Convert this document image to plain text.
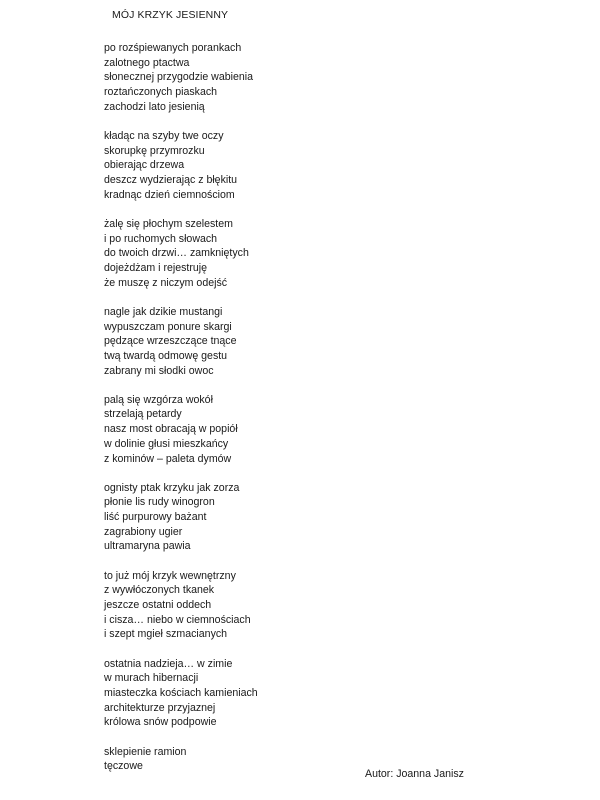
MÓJ KRZYK JESIENNY
po rozśpiewanych porankach
zalotnego ptactwa
słonecznej przygodzie wabienia
roztańczonych piaskach
zachodzi lato jesienią
kładąc na szyby twe oczy
skorupkę przymrozku
obierając drzewa
deszcz wydzierając z błękitu
kradnąc dzień ciemnościom
żalę się płochym szelestem
i po ruchomych słowach
do twoich drzwi… zamkniętych
dojeżdżam i rejestruję
że muszę z niczym odejść
nagle jak dzikie mustangi
wypuszczam ponure skargi
pędzące wrzeszczące tnące
twą twardą odmowę gestu
zabrany mi słodki owoc
palą się wzgórza wokół
strzelają petardy
nasz most obracają w popiół
w dolinie głusi mieszkańcy
z kominów – paleta dymów
ognisty ptak krzyku jak zorza
płonie lis rudy winogron
liść purpurowy bażant
zagrabiony ugier
ultramaryna pawia
to już mój krzyk wewnętrzny
z wywłóczonych tkanek
jeszcze ostatni oddech
i cisza… niebo w ciemnościach
i szept mgieł szmacianych
ostatnia nadzieja… w zimie
w murach hibernacji
miasteczka kościach kamieniach
architekturze przyjaznej
królowa snów podpowie
sklepienie ramion
tęczowe
Autor: Joanna Janisz
